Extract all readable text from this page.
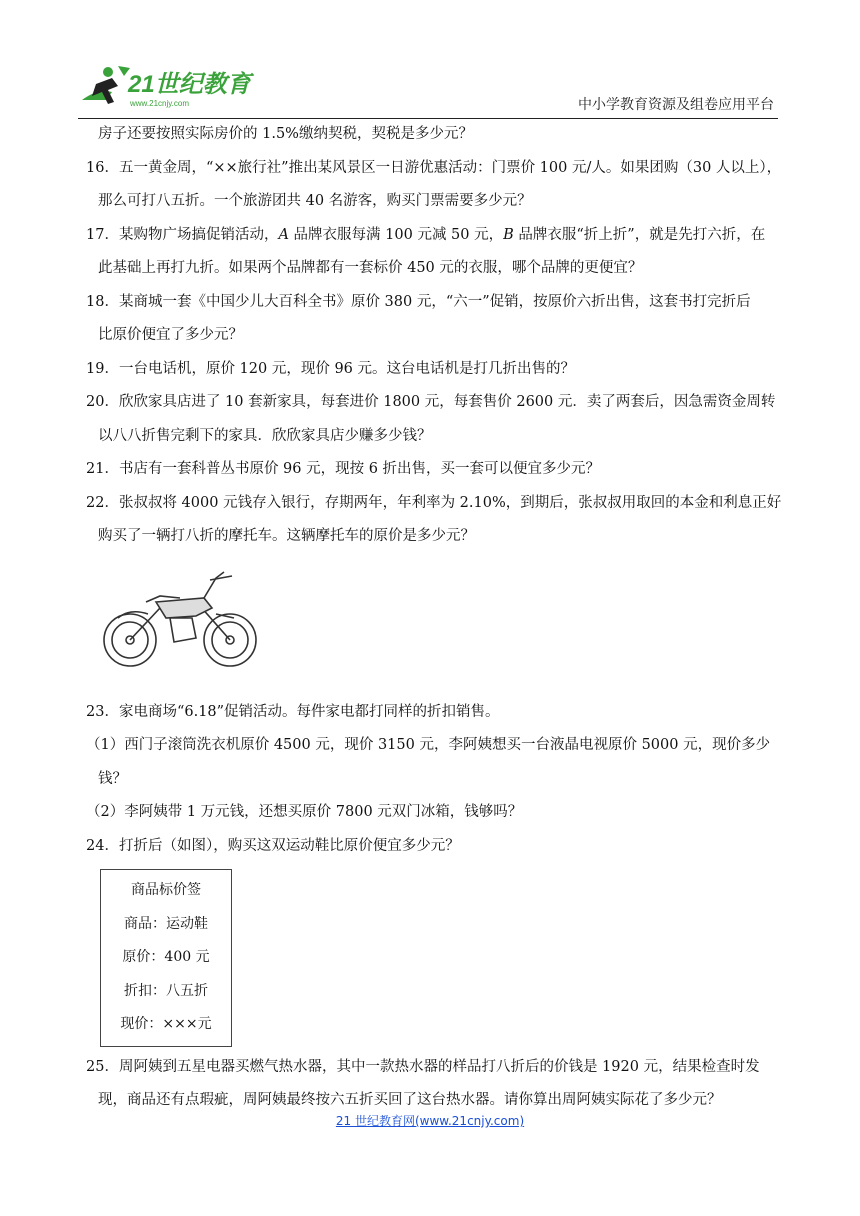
21世纪教育
www.21cnjy.com	中小学教育资源及组卷应用平台

房子还要按照实际房价的 1.5%缴纳契税，契税是多少元？

16．五一黄金周，“××旅行社”推出某风景区一日游优惠活动：门票价 100 元/人。如果团购（30 人以上），

那么可打八五折。一个旅游团共 40 名游客，购买门票需要多少元？

17．某购物广场搞促销活动，A 品牌衣服每满 100 元减 50 元，B 品牌衣服“折上折”，就是先打六折，在

此基础上再打九折。如果两个品牌都有一套标价 450 元的衣服，哪个品牌的更便宜？

18．某商城一套《中国少儿大百科全书》原价 380 元，“六一”促销，按原价六折出售，这套书打完折后

比原价便宜了多少元？

19．一台电话机，原价 120 元，现价 96 元。这台电话机是打几折出售的？

20．欣欣家具店进了 10 套新家具，每套进价 1800 元，每套售价 2600 元．卖了两套后，因急需资金周转

以八八折售完剩下的家具．欣欣家具店少赚多少钱？

21．书店有一套科普丛书原价 96 元，现按 6 折出售，买一套可以便宜多少元？

22．张叔叔将 4000 元钱存入银行，存期两年，年利率为 2.10%，到期后，张叔叔用取回的本金和利息正好

购买了一辆打八折的摩托车。这辆摩托车的原价是多少元？

23．家电商场“6.18”促销活动。每件家电都打同样的折扣销售。

（1）西门子滚筒洗衣机原价 4500 元，现价 3150 元，李阿姨想买一台液晶电视原价 5000 元，现价多少

钱？

（2）李阿姨带 1 万元钱，还想买原价 7800 元双门冰箱，钱够吗？

24．打折后（如图），购买这双运动鞋比原价便宜多少元？

商品标价签
商品：运动鞋
原价：400 元
折扣：八五折
现价：×××元

25．周阿姨到五星电器买燃气热水器，其中一款热水器的样品打八折后的价钱是 1920 元，结果检查时发

现，商品还有点瑕疵，周阿姨最终按六五折买回了这台热水器。请你算出周阿姨实际花了多少元？

21 世纪教育网(www.21cnjy.com)
